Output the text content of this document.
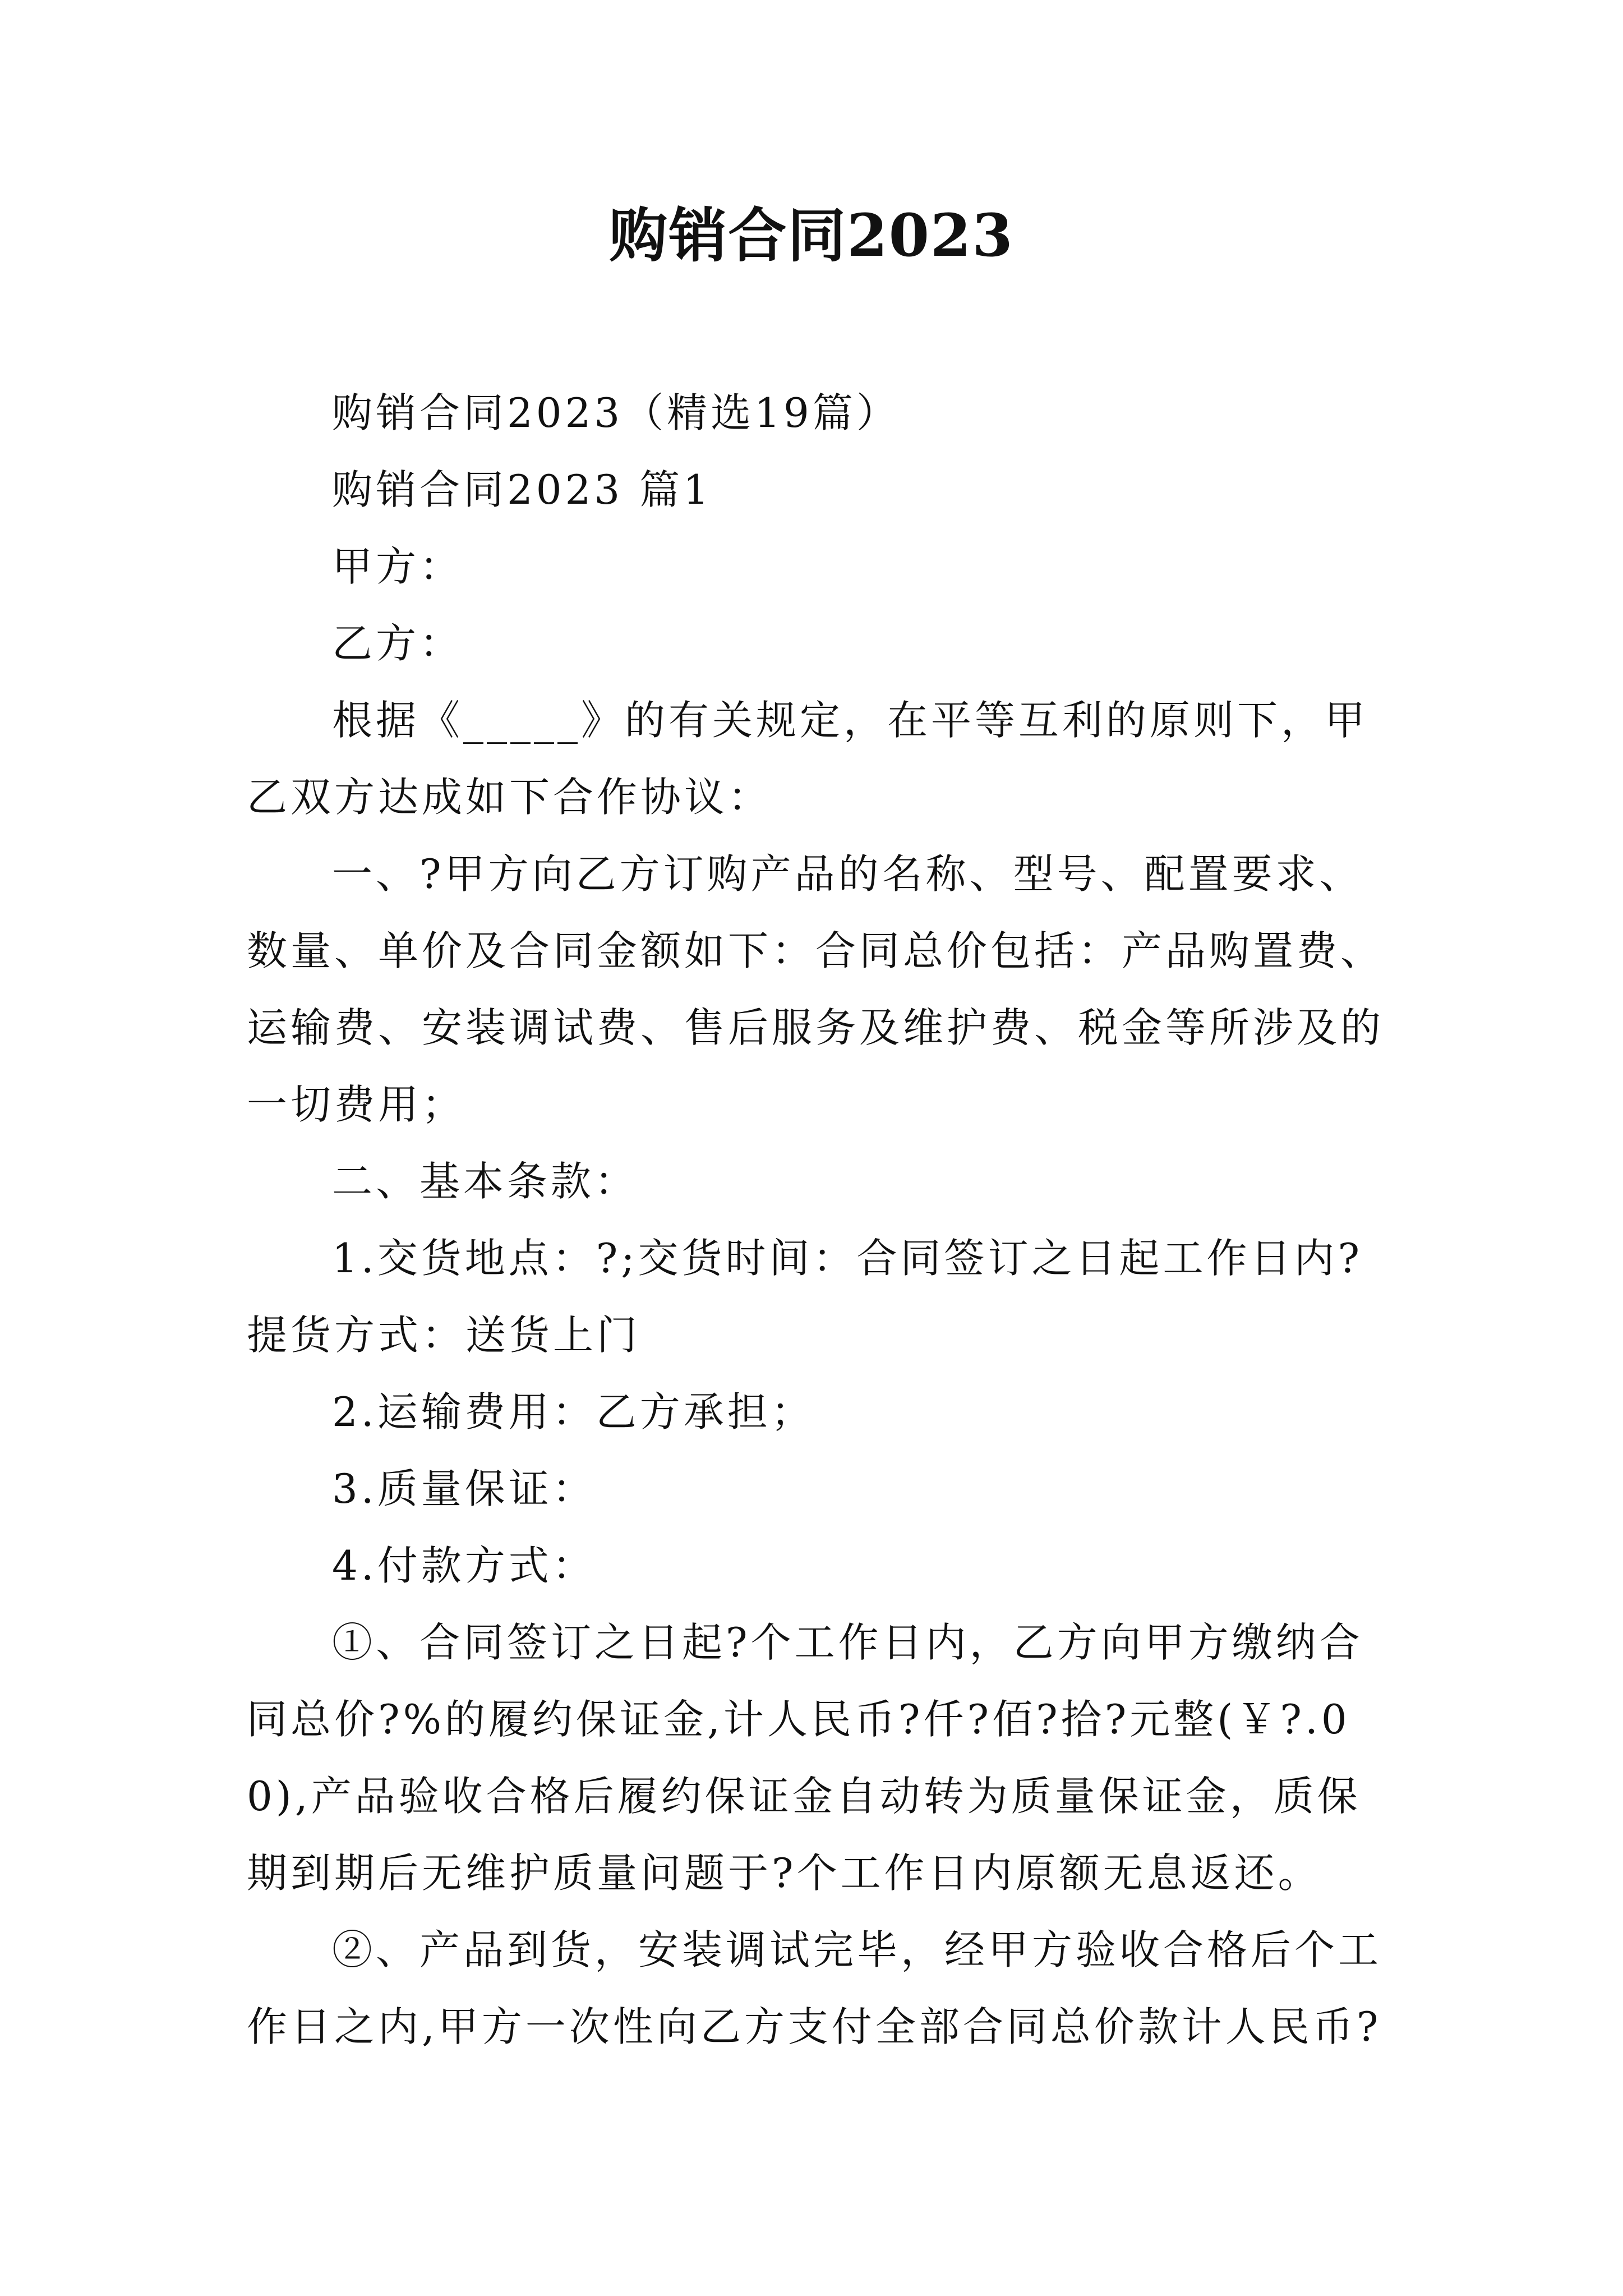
购销合同2023

购销合同2023（精选19篇）

购销合同2023 篇1

甲方：

乙方：

根据《_____》的有关规定，在平等互利的原则下，甲乙双方达成如下合作协议：

一、?甲方向乙方订购产品的名称、型号、配置要求、数量、单价及合同金额如下：合同总价包括：产品购置费、运输费、安装调试费、售后服务及维护费、税金等所涉及的一切费用；

二、基本条款：

1.交货地点：?;交货时间：合同签订之日起工作日内?提货方式：送货上门

2.运输费用：乙方承担；

3.质量保证：

4.付款方式：

①、合同签订之日起?个工作日内，乙方向甲方缴纳合同总价?%的履约保证金,计人民币?仟?佰?拾?元整(￥?.00),产品验收合格后履约保证金自动转为质量保证金，质保期到期后无维护质量问题于?个工作日内原额无息返还。

②、产品到货，安装调试完毕，经甲方验收合格后个工作日之内,甲方一次性向乙方支付全部合同总价款计人民币?
